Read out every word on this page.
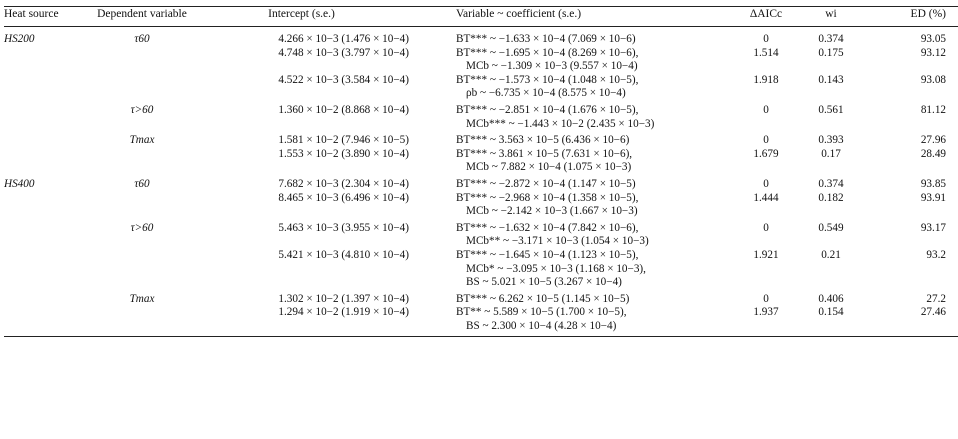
Heat source	Dependent variable	Intercept (s.e.)	Variable ~ coefficient (s.e.)	ΔAICc	wi	ED (%)
HS200	τ60	4.266 × 10−3 (1.476 × 10−4)	BT*** ~ −1.633 × 10−4 (7.069 × 10−6)	0	0.374	93.05
		4.748 × 10−3 (3.797 × 10−4)	BT*** ~ −1.695 × 10−4 (8.269 × 10−6),
MCb ~ −1.309 × 10−3 (9.557 × 10−4)	1.514	0.175	93.12
		4.522 × 10−3 (3.584 × 10−4)	BT*** ~ −1.573 × 10−4 (1.048 × 10−5),
ρb ~ −6.735 × 10−4 (8.575 × 10−4)	1.918	0.143	93.08
	τ>60	1.360 × 10−2 (8.868 × 10−4)	BT*** ~ −2.851 × 10−4 (1.676 × 10−5),
MCb*** ~ −1.443 × 10−2 (2.435 × 10−3)	0	0.561	81.12
	Tmax	1.581 × 10−2 (7.946 × 10−5)	BT*** ~ 3.563 × 10−5 (6.436 × 10−6)	0	0.393	27.96
		1.553 × 10−2 (3.890 × 10−4)	BT*** ~ 3.861 × 10−5 (7.631 × 10−6),
MCb ~ 7.882 × 10−4 (1.075 × 10−3)	1.679	0.17	28.49
HS400	τ60	7.682 × 10−3 (2.304 × 10−4)	BT*** ~ −2.872 × 10−4 (1.147 × 10−5)	0	0.374	93.85
		8.465 × 10−3 (6.496 × 10−4)	BT*** ~ −2.968 × 10−4 (1.358 × 10−5),
MCb ~ −2.142 × 10−3 (1.667 × 10−3)	1.444	0.182	93.91
	τ>60	5.463 × 10−3 (3.955 × 10−4)	BT*** ~ −1.632 × 10−4 (7.842 × 10−6),
MCb** ~ −3.171 × 10−3 (1.054 × 10−3)	0	0.549	93.17
		5.421 × 10−3 (4.810 × 10−4)	BT*** ~ −1.645 × 10−4 (1.123 × 10−5),
MCb* ~ −3.095 × 10−3 (1.168 × 10−3),
BS ~ 5.021 × 10−5 (3.267 × 10−4)	1.921	0.21	93.2
	Tmax	1.302 × 10−2 (1.397 × 10−4)	BT*** ~ 6.262 × 10−5 (1.145 × 10−5)	0	0.406	27.2
		1.294 × 10−2 (1.919 × 10−4)	BT** ~ 5.589 × 10−5 (1.700 × 10−5),
BS ~ 2.300 × 10−4 (4.28 × 10−4)	1.937	0.154	27.46
